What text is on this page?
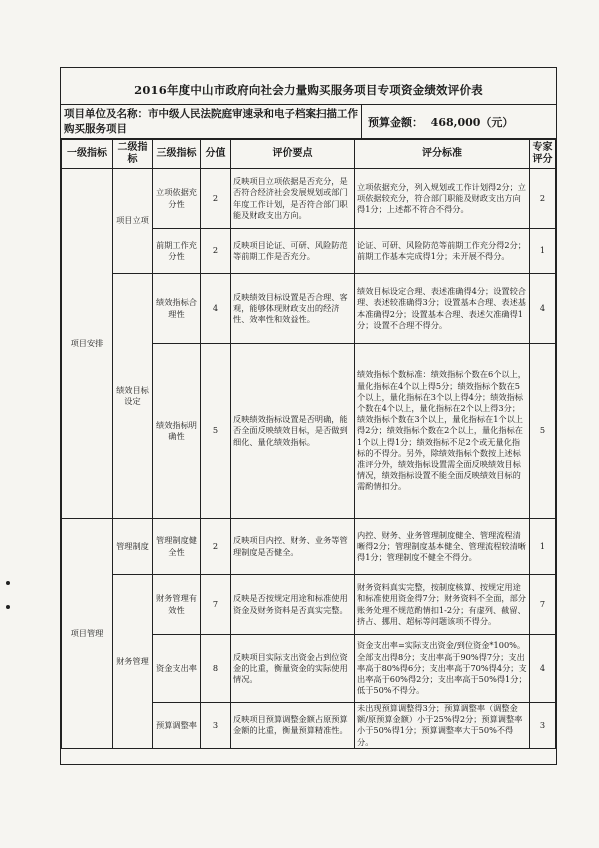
2016年度中山市政府向社会力量购买服务项目专项资金绩效评价表
项目单位及名称：市中级人民法院庭审速录和电子档案扫描工作购买服务项目	预算金额：
468,000（元）
一级指标	二级指标	三级指标	分值	评价要点	评分标准	专家评分
项目安排	项目立项	立项依据充分性	2	反映项目立项依据是否充分，是否符合经济社会发展规划或部门年度工作计划，是否符合部门职能及财政支出方向。	立项依据充分，列入规划或工作计划得2分；立项依据较充分，符合部门职能及财政支出方向得1分；上述都不符合不得分。	2
		前期工作充分性	2	反映项目论证、可研、风险防范等前期工作是否充分。	论证、可研、风险防范等前期工作充分得2分；前期工作基本完成得1分；未开展不得分。	1
	绩效目标设定	绩效指标合理性	4	反映绩效目标设置是否合理、客观，能够体现财政支出的经济性、效率性和效益性。	绩效目标设定合理、表述准确得4分；设置较合理、表述较准确得3分；设置基本合理、表述基本准确得2分；设置基本合理、表述欠准确得1分；设置不合理不得分。	4
		绩效指标明确性	5	反映绩效指标设置是否明确，能否全面反映绩效目标，是否做到细化、量化绩效指标。	绩效指标个数标准：绩效指标个数在6个以上，量化指标在4个以上得5分；绩效指标个数在5个以上，量化指标在3个以上得4分；绩效指标个数在4个以上，量化指标在2个以上得3分；绩效指标个数在3个以上，量化指标在1个以上得2分；绩效指标个数在2个以上，量化指标在1个以上得1分；绩效指标不足2个或无量化指标的不得分。另外，除绩效指标个数按上述标准评分外，绩效指标设置需全面反映绩效目标情况，绩效指标设置不能全面反映绩效目标的需酌情扣分。	5
项目管理	管理制度	管理制度健全性	2	反映项目内控、财务、业务等管理制度是否健全。	内控、财务、业务管理制度健全、管理流程清晰得2分；管理制度基本健全、管理流程较清晰得1分；管理制度不健全不得分。	1
	财务管理	财务管理有效性	7	反映是否按规定用途和标准使用资金及财务资料是否真实完整。	财务资料真实完整，按制度核算、按规定用途和标准使用资金得7分；财务资料不全面，部分账务处理不规范酌情扣1-2分；有虚列、截留、挤占、挪用、超标等问题该项不得分。	7
		资金支出率	8	反映项目实际支出资金占到位资金的比重，衡量资金的实际使用情况。	资金支出率=实际支出资金/到位资金*100%。全部支出得8分；支出率高于90%得7分；支出率高于80%得6分；支出率高于70%得4分；支出率高于60%得2分；支出率高于50%得1分；低于50%不得分。	4
		预算调整率	3	反映项目预算调整金额占原预算金额的比重，衡量预算精准性。	未出现预算调整得3分；预算调整率（调整金额/原预算金额）小于25%得2分；预算调整率小于50%得1分；预算调整率大于50%不得分。	3
